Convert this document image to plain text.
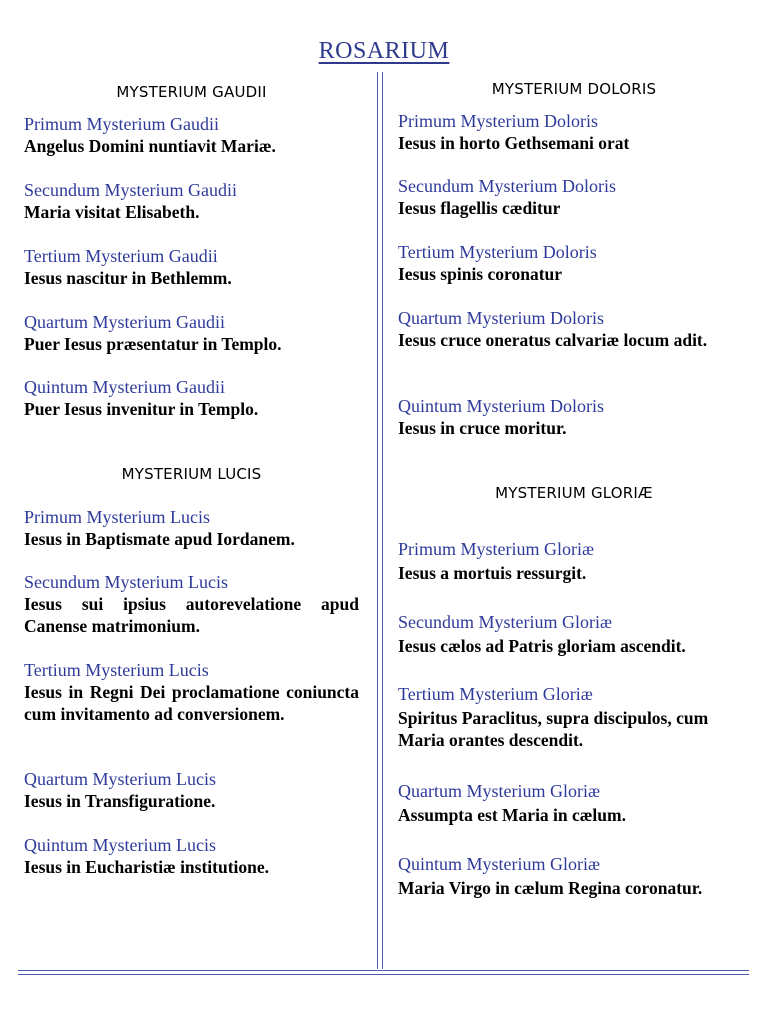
ROSARIUM
MYSTERIUM GAUDII
Primum Mysterium Gaudii
Angelus Domini nuntiavit Mariæ.
Secundum Mysterium Gaudii
Maria visitat Elisabeth.
Tertium Mysterium Gaudii
Iesus nascitur in Bethlemm.
Quartum Mysterium Gaudii
Puer Iesus præsentatur in Templo.
Quintum Mysterium Gaudii
Puer Iesus invenitur in Templo.
MYSTERIUM LUCIS
Primum Mysterium Lucis
Iesus in Baptismate apud Iordanem.
Secundum Mysterium Lucis
Iesus sui ipsius autorevelatione apud Canense matrimonium.
Tertium Mysterium Lucis
Iesus in Regni Dei proclamatione coniuncta cum invitamento ad conversionem.
Quartum Mysterium Lucis
Iesus in Transfiguratione.
Quintum Mysterium Lucis
Iesus in Eucharistiæ institutione.
MYSTERIUM DOLORIS
Primum Mysterium Doloris
Iesus in horto Gethsemani orat
Secundum Mysterium Doloris
Iesus flagellis cæditur
Tertium Mysterium Doloris
Iesus spinis coronatur
Quartum Mysterium Doloris
Iesus cruce oneratus calvariæ locum adit.
Quintum Mysterium Doloris
Iesus in cruce moritur.
MYSTERIUM GLORIÆ
Primum Mysterium Gloriæ
Iesus a mortuis ressurgit.
Secundum Mysterium Gloriæ
Iesus cælos ad Patris gloriam ascendit.
Tertium Mysterium Gloriæ
Spiritus Paraclitus, supra discipulos, cum Maria orantes descendit.
Quartum Mysterium Gloriæ
Assumpta est Maria in cælum.
Quintum Mysterium Gloriæ
Maria Virgo in cælum Regina coronatur.
